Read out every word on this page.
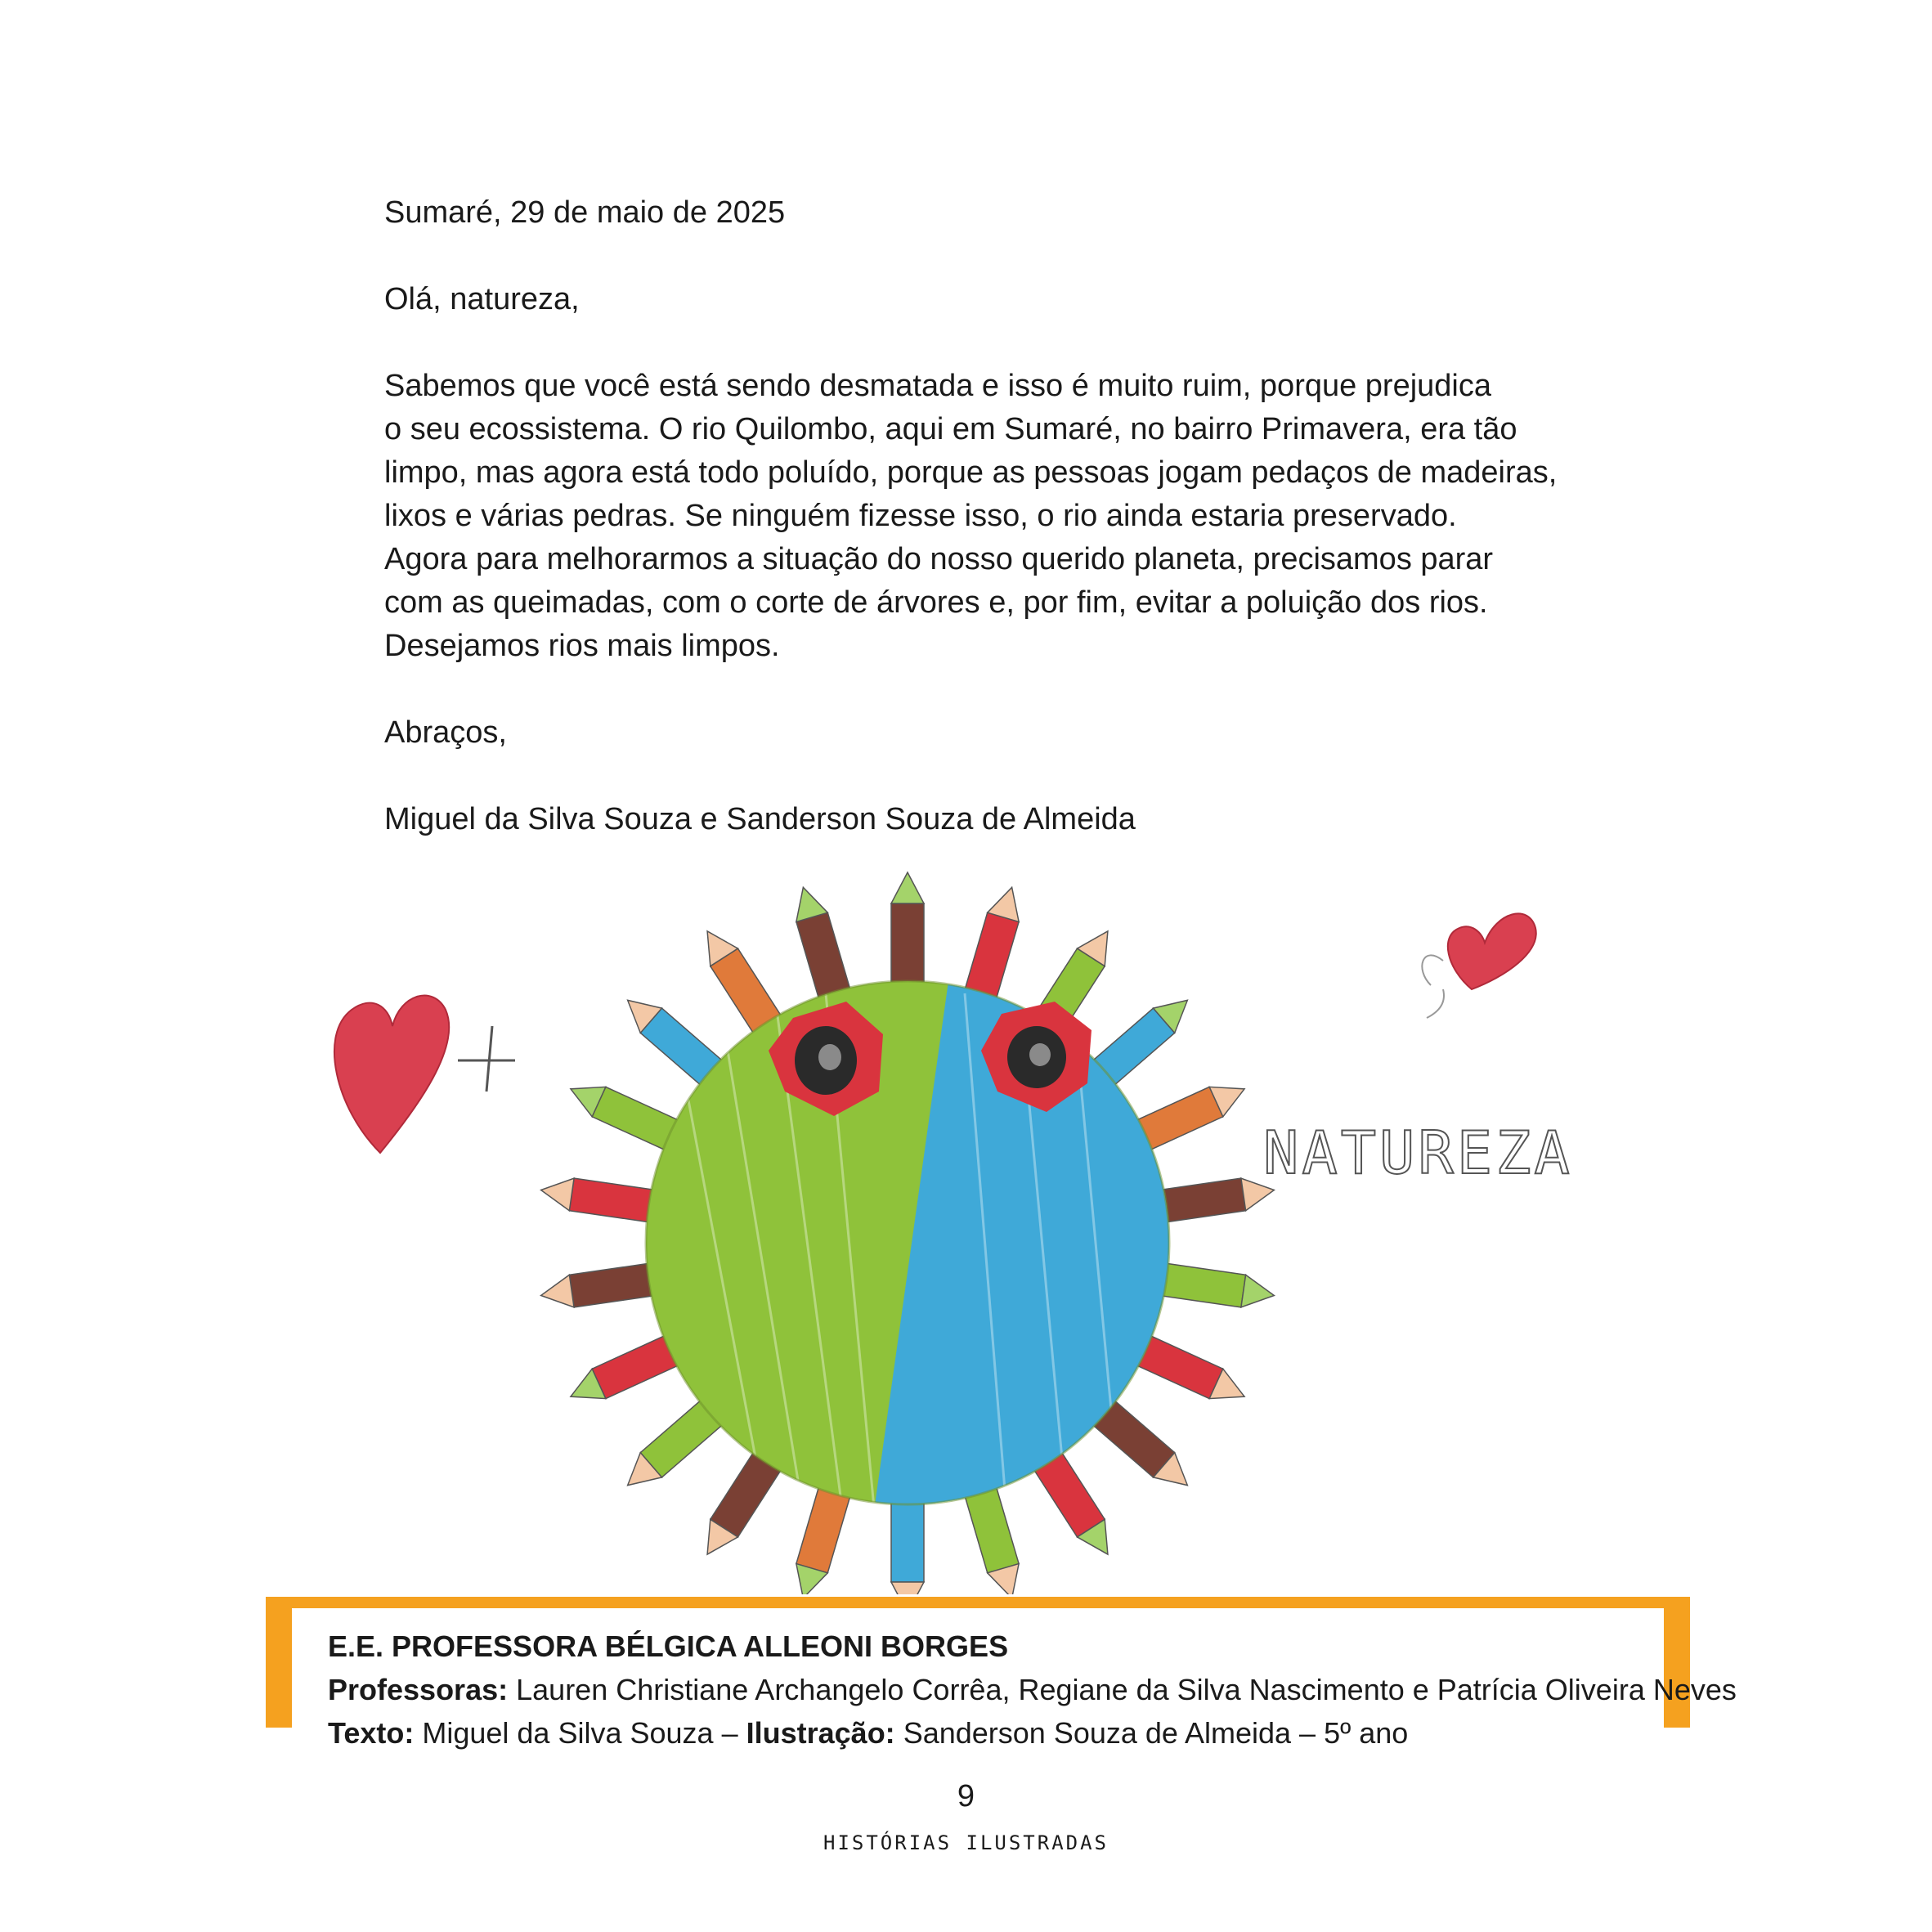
Sumaré, 29 de maio de 2025

Olá, natureza,

Sabemos que você está sendo desmatada e isso é muito ruim, porque prejudica

o seu ecossistema. O rio Quilombo, aqui em Sumaré, no bairro Primavera, era tão

limpo, mas agora está todo poluído, porque as pessoas jogam pedaços de madeiras,

lixos e várias pedras. Se ninguém fizesse isso, o rio ainda estaria preservado.

Agora para melhorarmos a situação do nosso querido planeta, precisamos parar

com as queimadas, com o corte de árvores e, por fim, evitar a poluição dos rios.

Desejamos rios mais limpos.

Abraços,

Miguel da Silva Souza e Sanderson Souza de Almeida

NATUREZA
E.E. PROFESSORA BÉLGICA ALLEONI BORGES
Professoras: Lauren Christiane Archangelo Corrêa, Regiane da Silva Nascimento e Patrícia Oliveira Neves
Texto: Miguel da Silva Souza – Ilustração: Sanderson Souza de Almeida – 5º ano
9
HISTÓRIAS ILUSTRADAS
